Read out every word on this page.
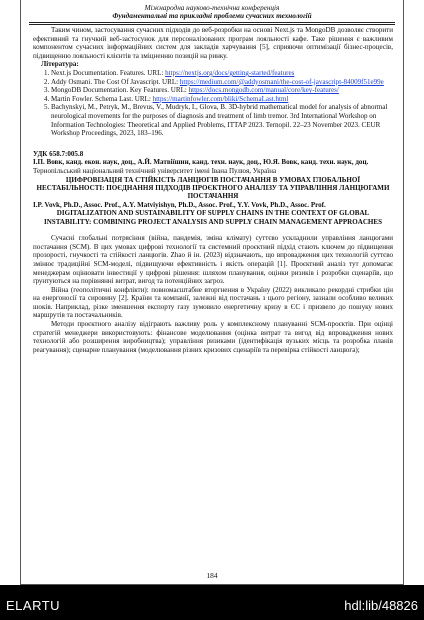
Міжнародна науково-технічна конференція
Фундаментальні та прикладні проблеми сучасних технологій

Таким чином, застосування сучасних підходів до веб-розробки на основі Next.js та MongoDB дозволяє створити ефективний та гнучкий веб-застосунок для персоналізованих програм лояльності кафе. Таке рішення є важливим компонентом сучасних інформаційних систем для закладів харчування [5], сприяючи оптимізації бізнес-процесів, підвищенню лояльності клієнтів та зміцненню позицій на ринку.

Література:

1. Next.js Documentation. Features. URL: https://nextjs.org/docs/getting-started/features
2. Addy Osmani. The Cost Of Javascript. URL: https://medium.com/@addyosmani/the-cost-of-javascript-84009f51e99e
3. MongoDB Documentation. Key Features. URL: https://docs.mongodb.com/manual/core/key-features/
4. Martin Fowler. Schema Last. URL: https://martinfowler.com/bliki/SchemaLast.html
5. Bachynskyi, M., Petryk, M., Brevus, V., Mudryk, I., Glova, B. 3D-hybrid mathematical model for analysis of abnormal neurological movements for the purposes of diagnosis and treatment of limb tremor. 3rd International Workshop on Information Technologies: Theoretical and Applied Problems, ITTAP 2023. Ternopil. 22–23 November 2023. CEUR Workshop Proceedings, 2023, 183–196.

УДК 658.7:005.8

І.П. Вовк, канд. екон. наук, доц., А.Й. Матвіїшин, канд. техн. наук, доц., Ю.Я. Вовк, канд. техн. наук, доц.

Тернопільський національний технічний університет імені Івана Пулюя, Україна

ЦИФРОВІЗАЦІЯ ТА СТІЙКІСТЬ ЛАНЦЮГІВ ПОСТАЧАННЯ В УМОВАХ ГЛОБАЛЬНОЇ НЕСТАБІЛЬНОСТІ: ПОЄДНАННЯ ПІДХОДІВ ПРОЄКТНОГО АНАЛІЗУ ТА УПРАВЛІННЯ ЛАНЦЮГАМИ ПОСТАЧАННЯ

I.P. Vovk, Ph.D., Assoc. Prof., A.Y. Matviyishyn, Ph.D., Assoc. Prof., Y.Y. Vovk, Ph.D., Assoc. Prof.

DIGITALIZATION AND SUSTAINABILITY OF SUPPLY CHAINS IN THE CONTEXT OF GLOBAL INSTABILITY: COMBINING PROJECT ANALYSIS AND SUPPLY CHAIN MANAGEMENT APPROACHES

Сучасні глобальні потрясіння (війна, пандемія, зміна клімату) суттєво ускладнили управління ланцюгами постачання (SCM). В цих умовах цифрові технології та системний проєктний підхід стають ключем до підвищення прозорості, гнучкості та стійкості ланцюгів. Zhao й ін. (2023) відзначають, що впровадження цих технологій суттєво змінює традиційні SCM-моделі, підвищуючи ефективність і якість операцій [1]. Проєктний аналіз тут допомагає менеджерам оцінювати інвестиції у цифрові рішення: шляхом планування, оцінки ризиків і розробки сценаріїв, що ґрунтуються на порівнянні витрат, вигод та потенційних загроз.

Війна (геополітичні конфлікти): повномасштабне вторгнення в Україну (2022) викликало рекордні стрибки цін на енергоносії та сировину [2]. Країни та компанії, залежні від постачань з цього регіону, зазнали особливо великих шоків. Наприклад, різке зменшення експорту газу зумовило енергетичну кризу в ЄС і призвело до пошуку нових маршрутів та постачальників.

Методи проєктного аналізу відіграють важливу роль у комплексному плануванні SCM-проєктів. При оцінці стратегій менеджери використовують: фінансове моделювання (оцінка витрат та вигод від впровадження нових технологій або розширення виробництва); управління ризиками (ідентифікація вузьких місць та розробка планів реагування); сценарне планування (моделювання різних кризових сценаріїв та перевірка стійкості ланцюга);

184
ELARTU	hdl:lib/48826
